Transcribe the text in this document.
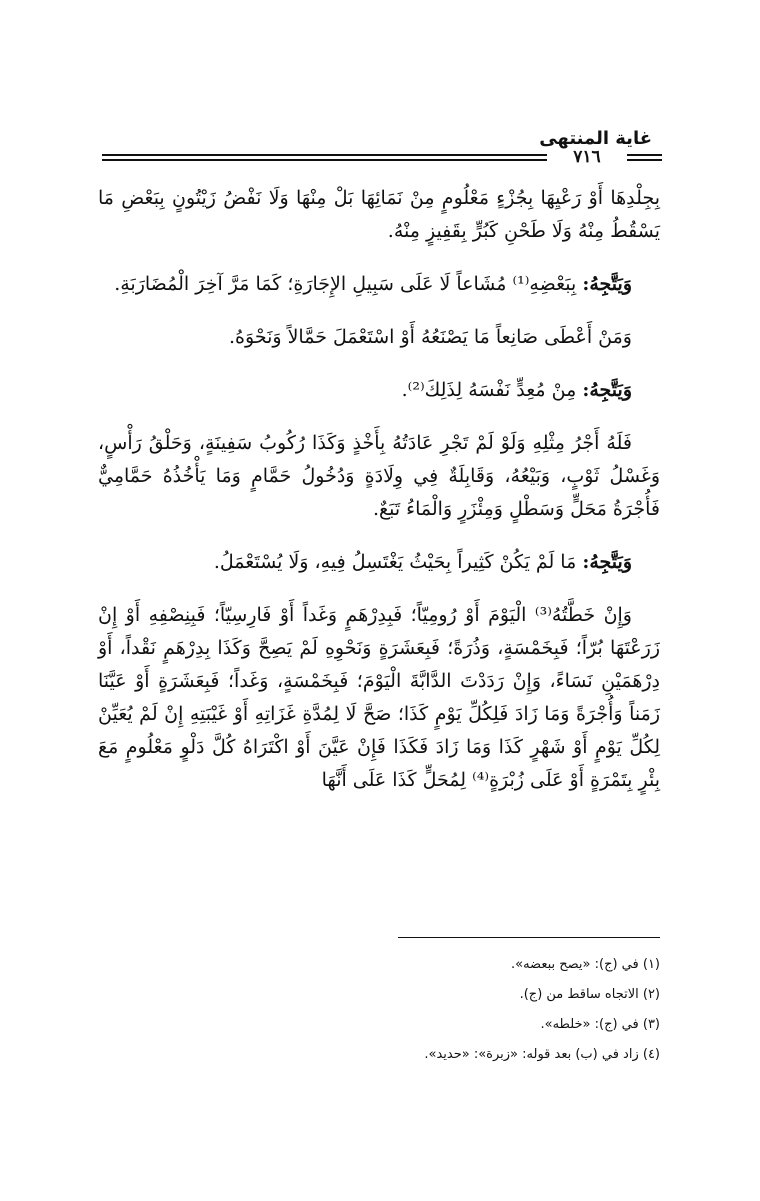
غاية المنتهى
٧١٦

بِجِلْدِهَا أَوْ رَعْيِهَا بِجُزْءٍ مَعْلُومٍ مِنْ نَمَائِهَا بَلْ مِنْهَا وَلَا نَفْضُ زَيْتُونٍ بِبَعْضِ مَا يَسْقُطُ مِنْهُ وَلَا طَحْنِ كَبُرٍّ بِقَفِيزٍ مِنْهُ.

وَيَتَّجِهُ: بِبَعْضِهِ⁽¹⁾ مُشَاعاً لَا عَلَى سَبِيلِ الإِجَارَةِ؛ كَمَا مَرَّ آخِرَ الْمُضَارَبَةِ.

وَمَنْ أَعْطَى صَانِعاً مَا يَصْنَعُهُ أَوْ اسْتَعْمَلَ حَمَّالاً وَنَحْوَهُ.

وَيَتَّجِهُ: مِنْ مُعِدٍّ نَفْسَهُ لِذَلِكَ⁽²⁾.

فَلَهُ أَجْرُ مِثْلِهِ وَلَوْ لَمْ تَجْرِ عَادَتُهُ بِأَخْذٍ وَكَذَا رُكُوبُ سَفِينَةٍ، وَحَلْقُ رَأْسٍ، وَغَسْلُ ثَوْبٍ، وَبَيْعُهُ، وَقَابِلَةٌ فِي وِلَادَةٍ وَدُخُولُ حَمَّامٍ وَمَا يَأْخُذُهُ حَمَّامِيٌّ فَأُجْرَةُ مَحَلٍّ وَسَطْلٍ وَمِئْزَرٍ وَالْمَاءُ تَبَعٌ.

وَيَتَّجِهُ: مَا لَمْ يَكُنْ كَثِيراً بِحَيْثُ يَغْتَسِلُ فِيهِ، وَلَا يُسْتَعْمَلُ.

وَإِنْ خَطَّتُهُ⁽³⁾ الْيَوْمَ أَوْ رُومِيّاً؛ فَبِدِرْهَمٍ وَغَداً أَوْ فَارِسِيّاً؛ فَبِنِصْفِهِ أَوْ إِنْ زَرَعْتَهَا بُرّاً؛ فَبِخَمْسَةٍ، وَذُرَةً؛ فَبِعَشَرَةٍ وَنَحْوِهِ لَمْ يَصِحَّ وَكَذَا بِدِرْهَمٍ نَقْداً، أَوْ دِرْهَمَيْنِ نَسَاءً، وَإِنْ رَدَدْتَ الدَّابَّةَ الْيَوْمَ؛ فَبِخَمْسَةٍ، وَغَداً؛ فَبِعَشَرَةٍ أَوْ عَيَّنَا زَمَناً وَأُجْرَةً وَمَا زَادَ فَلِكُلِّ يَوْمٍ كَذَا؛ صَحَّ لَا لِمُدَّةِ غَزَاتِهِ أَوْ غَيْبَتِهِ إِنْ لَمْ يُعَيِّنْ لِكُلِّ يَوْمٍ أَوْ شَهْرٍ كَذَا وَمَا زَادَ فَكَذَا فَإِنْ عَيَّنَ أَوْ اكْتَرَاهُ كُلَّ دَلْوٍ مَعْلُومٍ مَعَ بِئْرٍ بِتَمْرَةٍ أَوْ عَلَى زُبْرَةٍ⁽⁴⁾ لِمُحَلٍّ كَذَا عَلَى أَنَّهَا

(١) في (ج): «يصح ببعضه».

(٢) الاتجاه ساقط من (ج).

(٣) في (ج): «خلطه».

(٤) زاد في (ب) بعد قوله: «زبرة»: «حديد».
